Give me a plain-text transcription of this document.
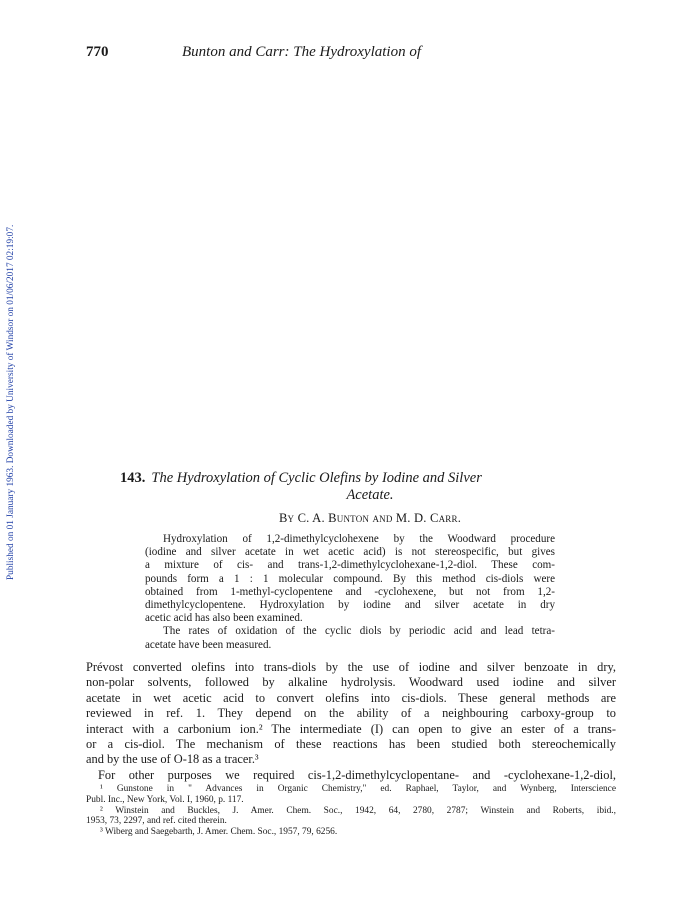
Published on 01 January 1963. Downloaded by University of Windsor on 01/06/2017 02:19:07.
770	Bunton and Carr: The Hydroxylation of
143. The Hydroxylation of Cyclic Olefins by Iodine and Silver
Acetate.
By C. A. Bunton and M. D. Carr.
Hydroxylation of 1,2-dimethylcyclohexene by the Woodward procedure
(iodine and silver acetate in wet acetic acid) is not stereospecific, but gives
a mixture of cis- and trans-1,2-dimethylcyclohexane-1,2-diol. These com-
pounds form a 1 : 1 molecular compound. By this method cis-diols were
obtained from 1-methyl-cyclopentene and -cyclohexene, but not from 1,2-
dimethylcyclopentene. Hydroxylation by iodine and silver acetate in dry
acetic acid has also been examined.
The rates of oxidation of the cyclic diols by periodic acid and lead tetra-
acetate have been measured.
Prévost converted olefins into trans-diols by the use of iodine and silver benzoate in dry,
non-polar solvents, followed by alkaline hydrolysis. Woodward used iodine and silver
acetate in wet acetic acid to convert olefins into cis-diols. These general methods are
reviewed in ref. 1. They depend on the ability of a neighbouring carboxy-group to
interact with a carbonium ion.² The intermediate (I) can open to give an ester of a trans-
or a cis-diol. The mechanism of these reactions has been studied both stereochemically
and by the use of O-18 as a tracer.³
For other purposes we required cis-1,2-dimethylcyclopentane- and -cyclohexane-1,2-diol,
¹ Gunstone in " Advances in Organic Chemistry," ed. Raphael, Taylor, and Wynberg, Interscience
Publ. Inc., New York, Vol. I, 1960, p. 117.
² Winstein and Buckles, J. Amer. Chem. Soc., 1942, 64, 2780, 2787; Winstein and Roberts, ibid.,
1953, 73, 2297, and ref. cited therein.
³ Wiberg and Saegebarth, J. Amer. Chem. Soc., 1957, 79, 6256.
